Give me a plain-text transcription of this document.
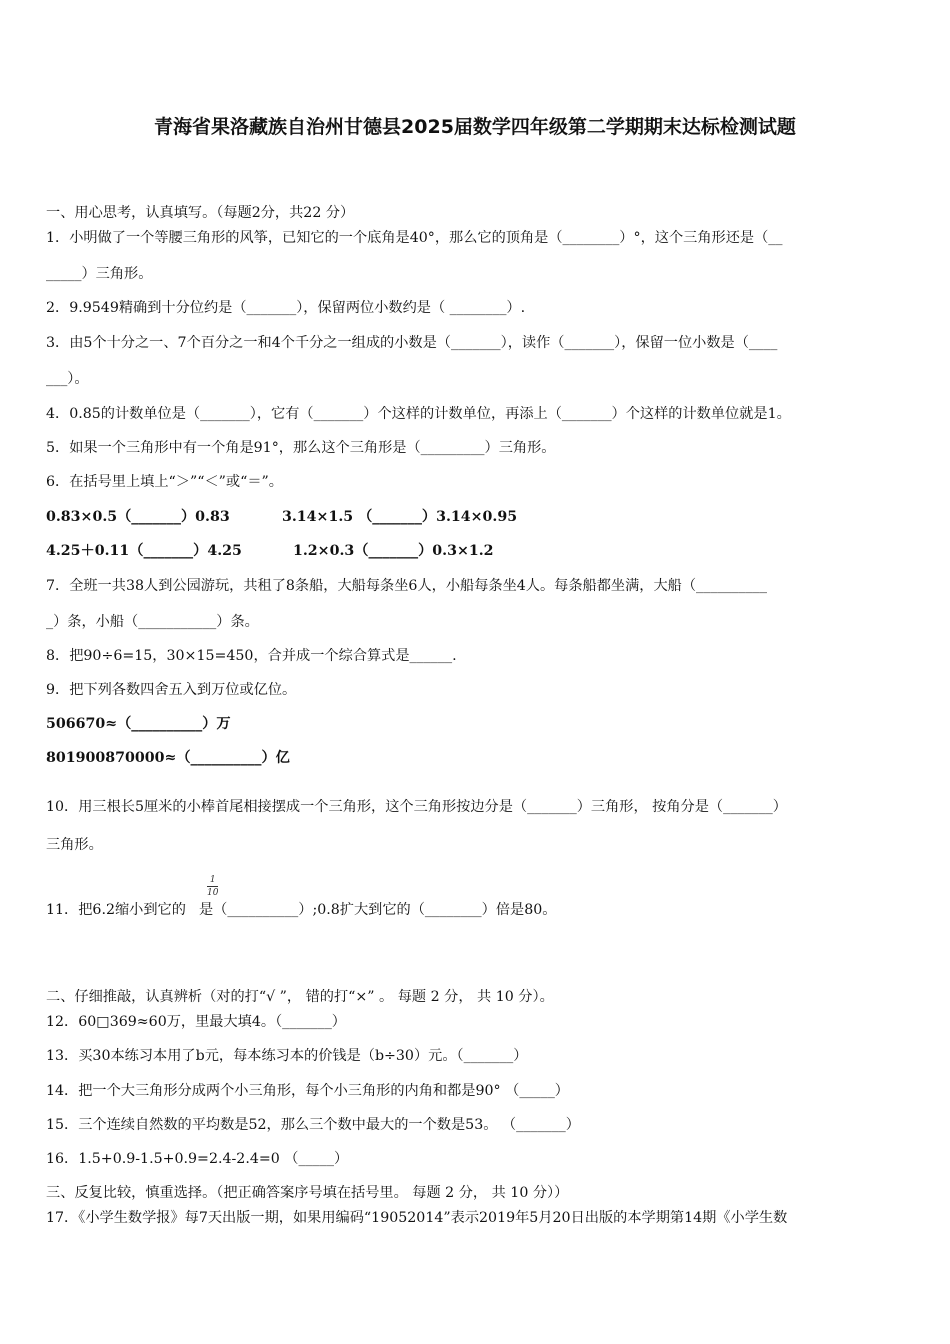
青海省果洛藏族自治州甘德县2025届数学四年级第二学期期末达标检测试题
一、用心思考，认真填写。（每题2分，共22 分）
1．小明做了一个等腰三角形的风筝，已知它的一个底角是40°，那么它的顶角是（________）°，这个三角形还是（__
_____）三角形。
2．9.9549精确到十分位约是（_______），保留两位小数约是（ ________）.
3．由5个十分之一、7个百分之一和4个千分之一组成的小数是（_______），读作（_______），保留一位小数是（____
___）。
4．0.85的计数单位是（_______），它有（_______）个这样的计数单位，再添上（_______）个这样的计数单位就是1。
5．如果一个三角形中有一个角是91°，那么这个三角形是（_________）三角形。
6．在括号里上填上“＞”“＜”或“＝”。
0.83×0.5（_______）0.83	3.14×1.5 （_______）3.14×0.95
4.25＋0.11（_______）4.25	1.2×0.3（_______）0.3×1.2
7．全班一共38人到公园游玩，共租了8条船，大船每条坐6人，小船每条坐4人。每条船都坐满，大船（__________
_）条，小船（___________）条。
8．把90÷6=15，30×15=450，合并成一个综合算式是______.
9．把下列各数四舍五入到万位或亿位。
506670≈（__________）万
801900870000≈（__________）亿
10．用三根长5厘米的小棒首尾相接摆成一个三角形，这个三角形按边分是（_______）三角形， 按角分是（_______）
三角形。
11．把6.2缩小到它的 是（__________）;0.8扩大到它的（________）倍是80。
1
10
二、仔细推敲，认真辨析（对的打“√ ”， 错的打“×” 。 每题 2 分， 共 10 分）。
12．60□369≈60万，里最大填4。（_______）
13．买30本练习本用了b元，每本练习本的价钱是（b÷30）元。（_______）
14．把一个大三角形分成两个小三角形，每个小三角形的内角和都是90° （_____）
15．三个连续自然数的平均数是52，那么三个数中最大的一个数是53。 （_______）
16．1.5+0.9-1.5+0.9=2.4-2.4=0 （_____）
三、反复比较，慎重选择。（把正确答案序号填在括号里。 每题 2 分， 共 10 分））
17．《小学生数学报》每7天出版一期，如果用编码“19052014”表示2019年5月20日出版的本学期第14期《小学生数
